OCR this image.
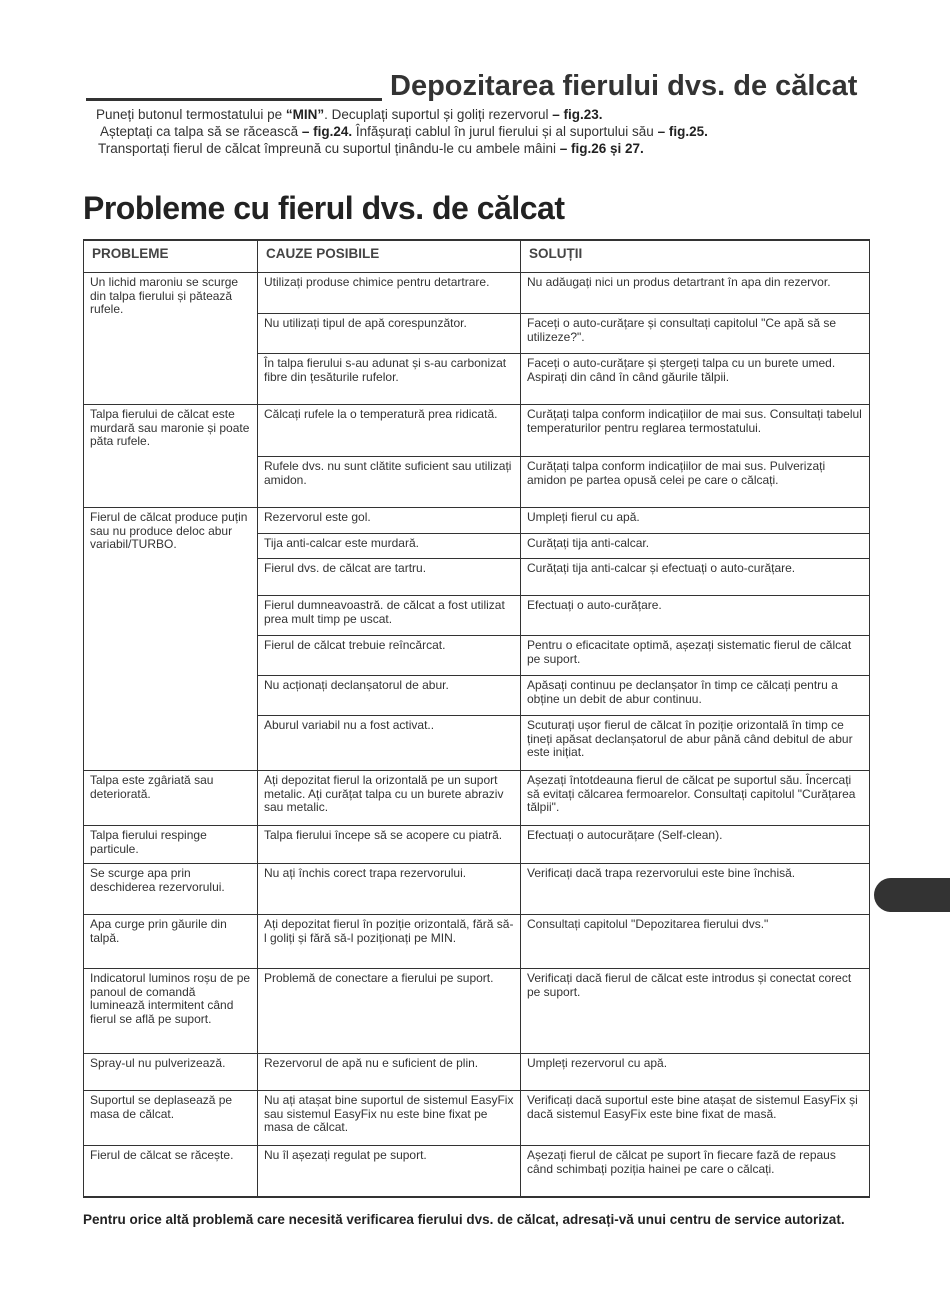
Depozitarea fierului dvs. de călcat
Puneți butonul termostatului pe “MIN”. Decuplați suportul și goliți rezervorul – fig.23.
Așteptați ca talpa să se răcească – fig.24. Înfășurați cablul în jurul fierului și al suportului său – fig.25.
Transportați fierul de călcat împreună cu suportul ținându-le cu ambele mâini – fig.26 și 27.
Probleme cu fierul dvs. de călcat
PROBLEME	CAUZE POSIBILE	SOLUȚII
Un lichid maroniu se scurge din talpa fierului și pătează rufele.	Utilizați produse chimice pentru detartrare.	Nu adăugați nici un produs detartrant în apa din rezervor.
	Nu utilizați tipul de apă corespunzător.	Faceți o auto-curățare și consultați capitolul "Ce apă să se utilizeze?".
	În talpa fierului s-au adunat și s-au carbonizat fibre din țesăturile rufelor.	Faceți o auto-curățare și ștergeți talpa cu un burete umed. Aspirați din când în când găurile tălpii.
Talpa fierului de călcat este murdară sau maronie și poate păta rufele.	Călcați rufele la o temperatură prea ridicată.	Curățați talpa conform indicațiilor de mai sus. Consultați tabelul temperaturilor pentru reglarea termostatului.
	Rufele dvs. nu sunt clătite suficient sau utilizați amidon.	Curățați talpa conform indicațiilor de mai sus. Pulverizați amidon pe partea opusă celei pe care o călcați.
Fierul de călcat produce puțin sau nu produce deloc abur variabil/TURBO.	Rezervorul este gol.	Umpleți fierul cu apă.
	Tija anti-calcar este murdară.	Curățați tija anti-calcar.
	Fierul dvs. de călcat are tartru.	Curățați tija anti-calcar și efectuați o auto-curățare.
	Fierul dumneavoastră. de călcat a fost utilizat prea mult timp pe uscat.	Efectuați o auto-curățare.
	Fierul de călcat trebuie reîncărcat.	Pentru o eficacitate optimă, așezați sistematic fierul de călcat pe suport.
	Nu acționați declanșatorul de abur.	Apăsați continuu pe declanșator în timp ce călcați pentru a obține un debit de abur continuu.
	Aburul variabil nu a fost activat..	Scuturați ușor fierul de călcat în poziție orizontală în timp ce țineți apăsat declanșatorul de abur până când debitul de abur este inițiat.
Talpa este zgâriată sau deteriorată.	Ați depozitat fierul la orizontală pe un suport metalic. Ați curățat talpa cu un burete abraziv sau metalic.	Așezați întotdeauna fierul de călcat pe suportul său. Încercați să evitați călcarea fermoarelor. Consultați capitolul "Curățarea tălpii".
Talpa fierului respinge particule.	Talpa fierului începe să se acopere cu piatră.	Efectuați o autocurățare (Self-clean).
Se scurge apa prin deschiderea rezervorului.	Nu ați închis corect trapa rezervorului.	Verificați dacă trapa rezervorului este bine închisă.
Apa curge prin găurile din talpă.	Ați depozitat fierul în poziție orizontală, fără să-l goliți și fără să-l poziționați pe MIN.	Consultați capitolul "Depozitarea fierului dvs."
Indicatorul luminos roșu de pe panoul de comandă luminează intermitent când fierul se află pe suport.	Problemă de conectare a fierului pe suport.	Verificați dacă fierul de călcat este introdus și conectat corect pe suport.
Spray-ul nu pulverizează.	Rezervorul de apă nu e suficient de plin.	Umpleți rezervorul cu apă.
Suportul se deplasează pe masa de călcat.	Nu ați atașat bine suportul de sistemul EasyFix sau sistemul EasyFix nu este bine fixat pe masa de călcat.	Verificați dacă suportul este bine atașat de sistemul EasyFix și dacă sistemul EasyFix este bine fixat de masă.
Fierul de călcat se răcește.	Nu îl așezați regulat pe suport.	Așezați fierul de călcat pe suport în fiecare fază de repaus când schimbați poziția hainei pe care o călcați.
Pentru orice altă problemă care necesită verificarea fierului dvs. de călcat, adresați-vă unui centru de service autorizat.
